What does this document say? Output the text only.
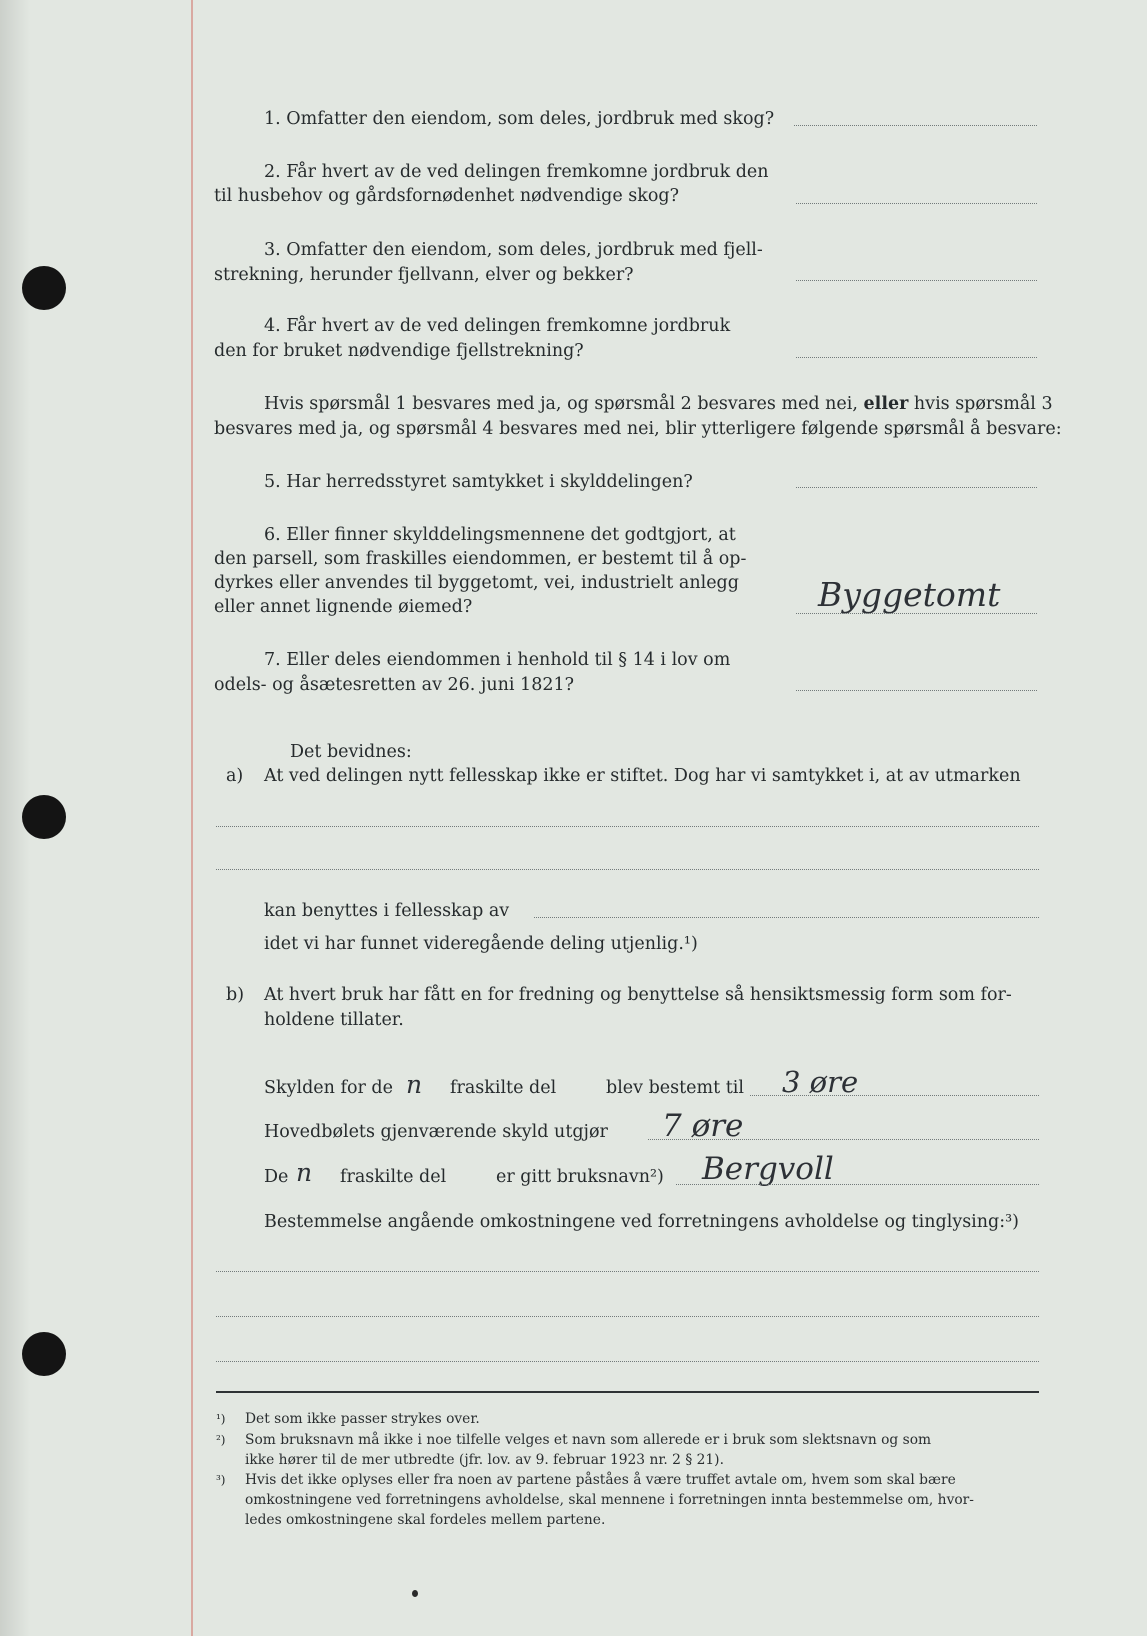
1. Omfatter den eiendom, som deles, jordbruk med skog?
2. Får hvert av de ved delingen fremkomne jordbruk den
til husbehov og gårdsfornødenhet nødvendige skog?
3. Omfatter den eiendom, som deles, jordbruk med fjell-
strekning, herunder fjellvann, elver og bekker?
4. Får hvert av de ved delingen fremkomne jordbruk
den for bruket nødvendige fjellstrekning?
Hvis spørsmål 1 besvares med ja, og spørsmål 2 besvares med nei, eller hvis spørsmål 3
besvares med ja, og spørsmål 4 besvares med nei, blir ytterligere følgende spørsmål å besvare:
5. Har herredsstyret samtykket i skylddelingen?
6. Eller finner skylddelingsmennene det godtgjort, at
den parsell, som fraskilles eiendommen, er bestemt til å op-
dyrkes eller anvendes til byggetomt, vei, industrielt anlegg
eller annet lignende øiemed?	Byggetomt
7. Eller deles eiendommen i henhold til § 14 i lov om
odels- og åsætesretten av 26. juni 1821?
Det bevidnes:
a) At ved delingen nytt fellesskap ikke er stiftet. Dog har vi samtykket i, at av utmarken
kan benyttes i fellesskap av
idet vi har funnet videregående deling utjenlig.¹)
b) At hvert bruk har fått en for fredning og benyttelse så hensiktsmessig form som for-
holdene tillater.
Skylden for de n fraskilte del	blev bestemt til 3 øre
Hovedbølets gjenværende skyld utgjør 7 øre
De n fraskilte del	er gitt bruksnavn²) Bergvoll
Bestemmelse angående omkostningene ved forretningens avholdelse og tinglysing:³)
¹) Det som ikke passer strykes over.
²) Som bruksnavn må ikke i noe tilfelle velges et navn som allerede er i bruk som slektsnavn og som
ikke hører til de mer utbredte (jfr. lov. av 9. februar 1923 nr. 2 § 21).
³) Hvis det ikke oplyses eller fra noen av partene påståes å være truffet avtale om, hvem som skal bære
omkostningene ved forretningens avholdelse, skal mennene i forretningen innta bestemmelse om, hvor-
ledes omkostningene skal fordeles mellem partene.
